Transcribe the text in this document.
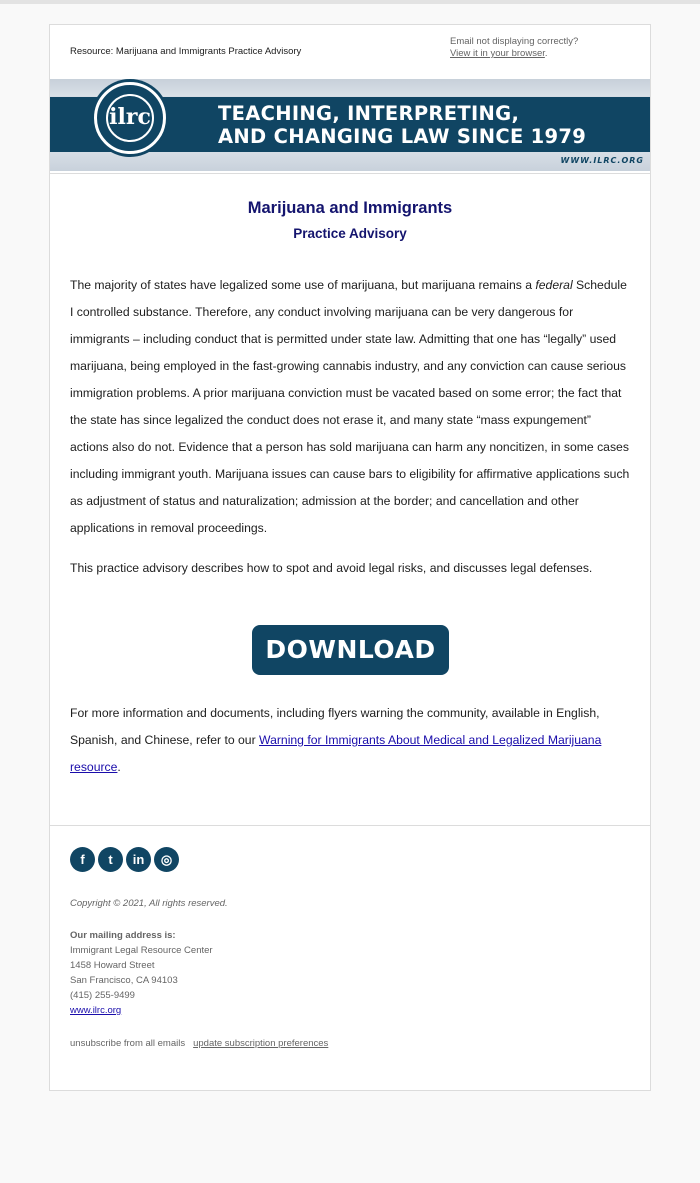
Resource: Marijuana and Immigrants Practice Advisory
Email not displaying correctly?
View it in your browser.
ilrc	TEACHING, INTERPRETING,
AND CHANGING LAW SINCE 1979
WWW.ILRC.ORG
Marijuana and Immigrants
Practice Advisory
The majority of states have legalized some use of marijuana, but marijuana remains a federal Schedule I controlled substance. Therefore, any conduct involving marijuana can be very dangerous for immigrants – including conduct that is permitted under state law. Admitting that one has “legally” used marijuana, being employed in the fast-growing cannabis industry, and any conviction can cause serious immigration problems. A prior marijuana conviction must be vacated based on some error; the fact that the state has since legalized the conduct does not erase it, and many state “mass expungement” actions also do not. Evidence that a person has sold marijuana can harm any noncitizen, in some cases including immigrant youth. Marijuana issues can cause bars to eligibility for affirmative applications such as adjustment of status and naturalization; admission at the border; and cancellation and other applications in removal proceedings.
This practice advisory describes how to spot and avoid legal risks, and discusses legal defenses.
DOWNLOAD
For more information and documents, including flyers warning the community, available in English, Spanish, and Chinese, refer to our Warning for Immigrants About Medical and Legalized Marijuana resource.
f t in ◎
Copyright © 2021, All rights reserved.
Our mailing address is:
Immigrant Legal Resource Center
1458 Howard Street
San Francisco, CA 94103
(415) 255-9499
www.ilrc.org
unsubscribe from all emails update subscription preferences
